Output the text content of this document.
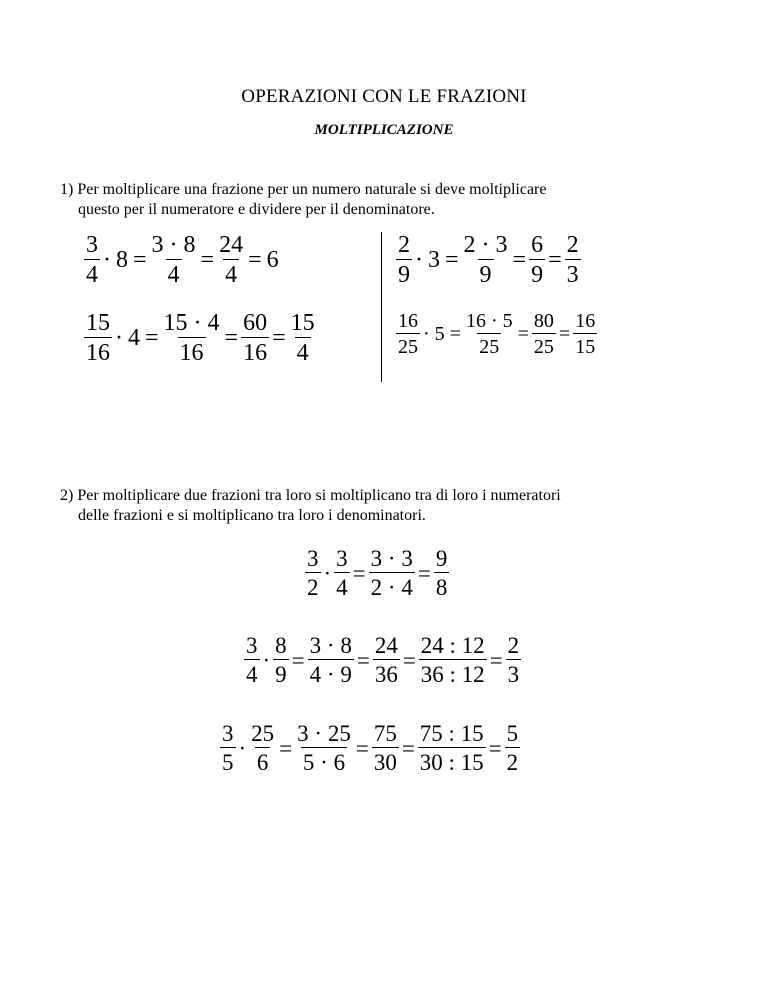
OPERAZIONI CON LE FRAZIONI
MOLTIPLICAZIONE
1) Per moltiplicare una frazione per un numero naturale si deve moltiplicare
questo per il numeratore e dividere per il denominatore.
$\frac{3}{4} \cdot 8 = \frac{3 \cdot 8}{4} = \frac{24}{4} = 6$
$\frac{15}{16} \cdot 4 = \frac{15 \cdot 4}{16} = \frac{60}{16} = \frac{15}{4}$
$\frac{2}{9} \cdot 3 = \frac{2 \cdot 3}{9} = \frac{6}{9} = \frac{2}{3}$
$\frac{16}{25} \cdot 5 = \frac{16 \cdot 5}{25} = \frac{80}{25} = \frac{16}{15}$
2) Per moltiplicare due frazioni tra loro si moltiplicano tra di loro i numeratori
delle frazioni e si moltiplicano tra loro i denominatori.
$\frac{3}{2} \cdot \frac{3}{4} = \frac{3 \cdot 3}{2 \cdot 4} = \frac{9}{8}$
$\frac{3}{4} \cdot \frac{8}{9} = \frac{3 \cdot 8}{4 \cdot 9} = \frac{24}{36} = \frac{24 : 12}{36 : 12} = \frac{2}{3}$
$\frac{3}{5} \cdot \frac{25}{6} = \frac{3 \cdot 25}{5 \cdot 6} = \frac{75}{30} = \frac{75 : 15}{30 : 15} = \frac{5}{2}$
